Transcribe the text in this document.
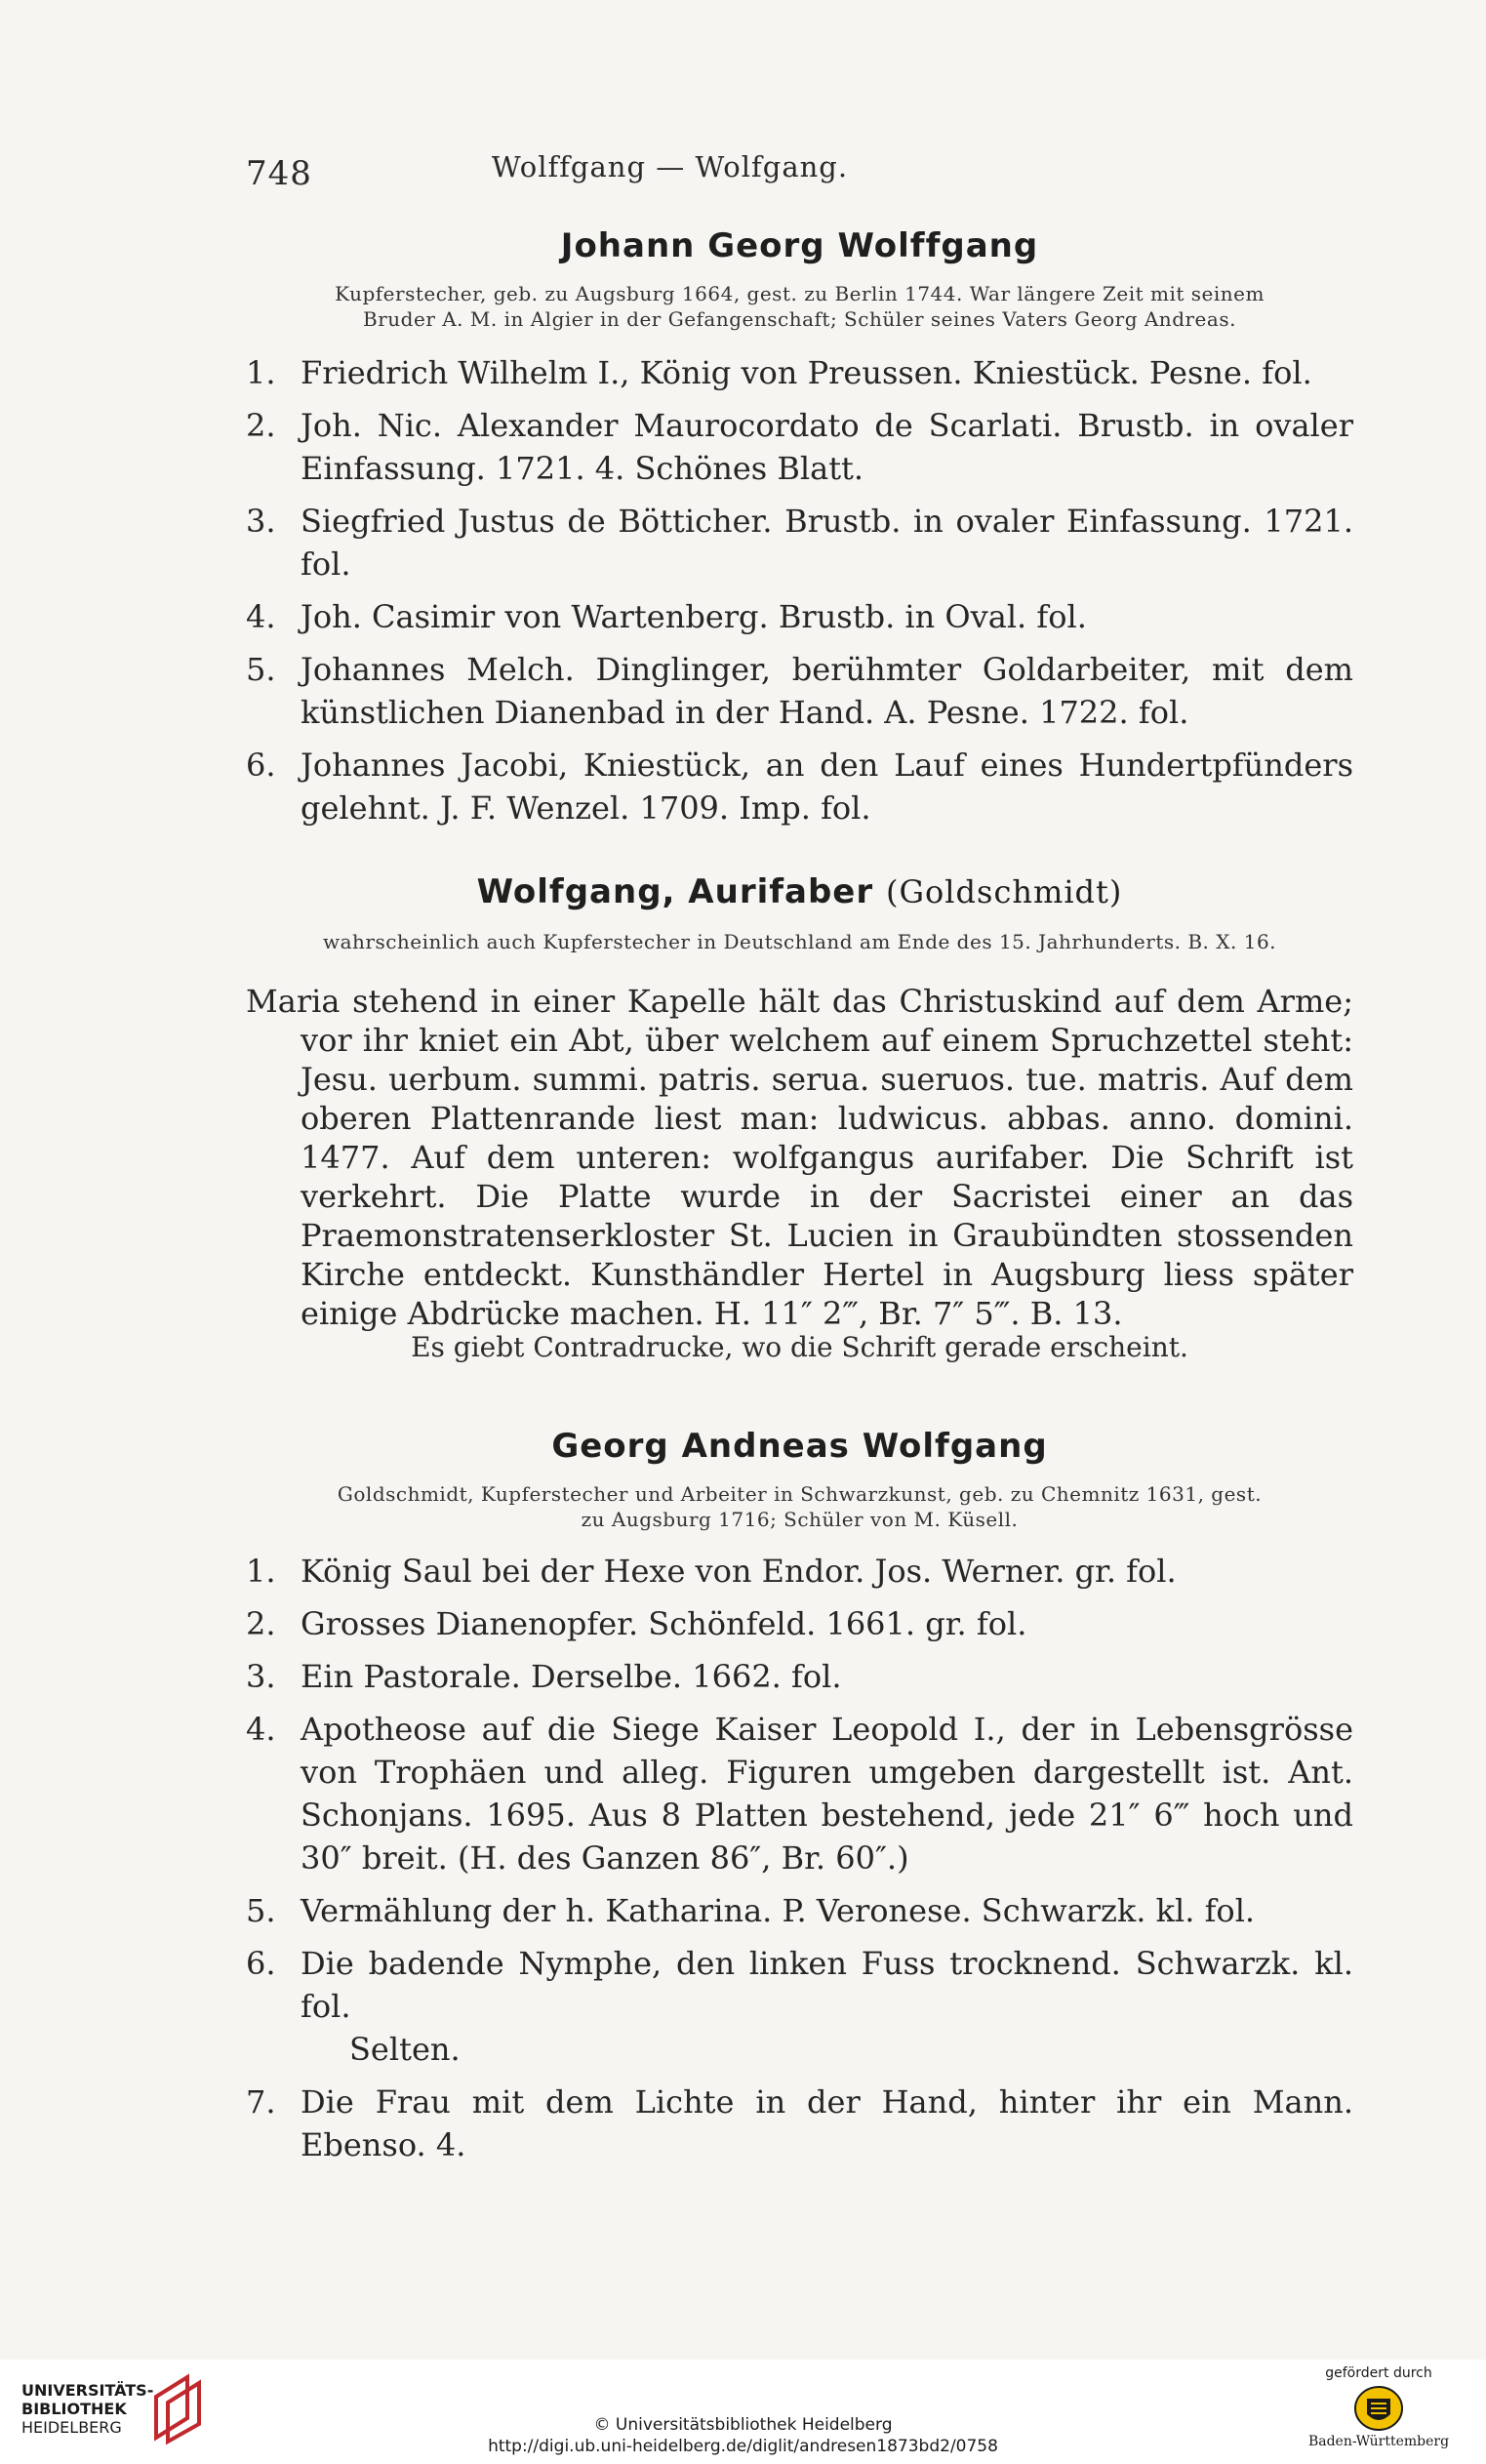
748	Wolffgang — Wolfgang.
Johann Georg Wolffgang
Kupferstecher, geb. zu Augsburg 1664, gest. zu Berlin 1744. War längere Zeit mit seinem
Bruder A. M. in Algier in der Gefangenschaft; Schüler seines Vaters Georg Andreas.
1. Friedrich Wilhelm I., König von Preussen. Kniestück. Pesne. fol.
2. Joh. Nic. Alexander Maurocordato de Scarlati. Brustb. in ovaler Einfassung. 1721. 4. Schönes Blatt.
3. Siegfried Justus de Bötticher. Brustb. in ovaler Einfassung. 1721. fol.
4. Joh. Casimir von Wartenberg. Brustb. in Oval. fol.
5. Johannes Melch. Dinglinger, berühmter Goldarbeiter, mit dem künstlichen Dianenbad in der Hand. A. Pesne. 1722. fol.
6. Johannes Jacobi, Kniestück, an den Lauf eines Hundertpfünders gelehnt. J. F. Wenzel. 1709. Imp. fol.
Wolfgang, Aurifaber (Goldschmidt)
wahrscheinlich auch Kupferstecher in Deutschland am Ende des 15. Jahrhunderts. B. X. 16.
Maria stehend in einer Kapelle hält das Christuskind auf dem Arme; vor ihr kniet ein Abt, über welchem auf einem Spruchzettel steht: Jesu. uerbum. summi. patris. serua. sueruos. tue. matris. Auf dem oberen Plattenrande liest man: ludwicus. abbas. anno. domini. 1477. Auf dem unteren: wolfgangus aurifaber. Die Schrift ist verkehrt. Die Platte wurde in der Sacristei einer an das Praemonstratenserkloster St. Lucien in Graubündten stossenden Kirche entdeckt. Kunsthändler Hertel in Augsburg liess später einige Abdrücke machen. H. 11″ 2‴, Br. 7″ 5‴. B. 13.
Es giebt Contradrucke, wo die Schrift gerade erscheint.
Georg Andneas Wolfgang
Goldschmidt, Kupferstecher und Arbeiter in Schwarzkunst, geb. zu Chemnitz 1631, gest.
zu Augsburg 1716; Schüler von M. Küsell.
1. König Saul bei der Hexe von Endor. Jos. Werner. gr. fol.
2. Grosses Dianenopfer. Schönfeld. 1661. gr. fol.
3. Ein Pastorale. Derselbe. 1662. fol.
4. Apotheose auf die Siege Kaiser Leopold I., der in Lebensgrösse von Trophäen und alleg. Figuren umgeben dargestellt ist. Ant. Schonjans. 1695. Aus 8 Platten bestehend, jede 21″ 6‴ hoch und 30″ breit. (H. des Ganzen 86″, Br. 60″.)
5. Vermählung der h. Katharina. P. Veronese. Schwarzk. kl. fol.
6. Die badende Nymphe, den linken Fuss trocknend. Schwarzk. kl. fol.
Selten.
7. Die Frau mit dem Lichte in der Hand, hinter ihr ein Mann. Ebenso. 4.
UNIVERSITÄTS-
BIBLIOTHEK
HEIDELBERG	© Universitätsbibliothek Heidelberg
http://digi.ub.uni-heidelberg.de/diglit/andresen1873bd2/0758
gefördert durch
Baden-Württemberg
